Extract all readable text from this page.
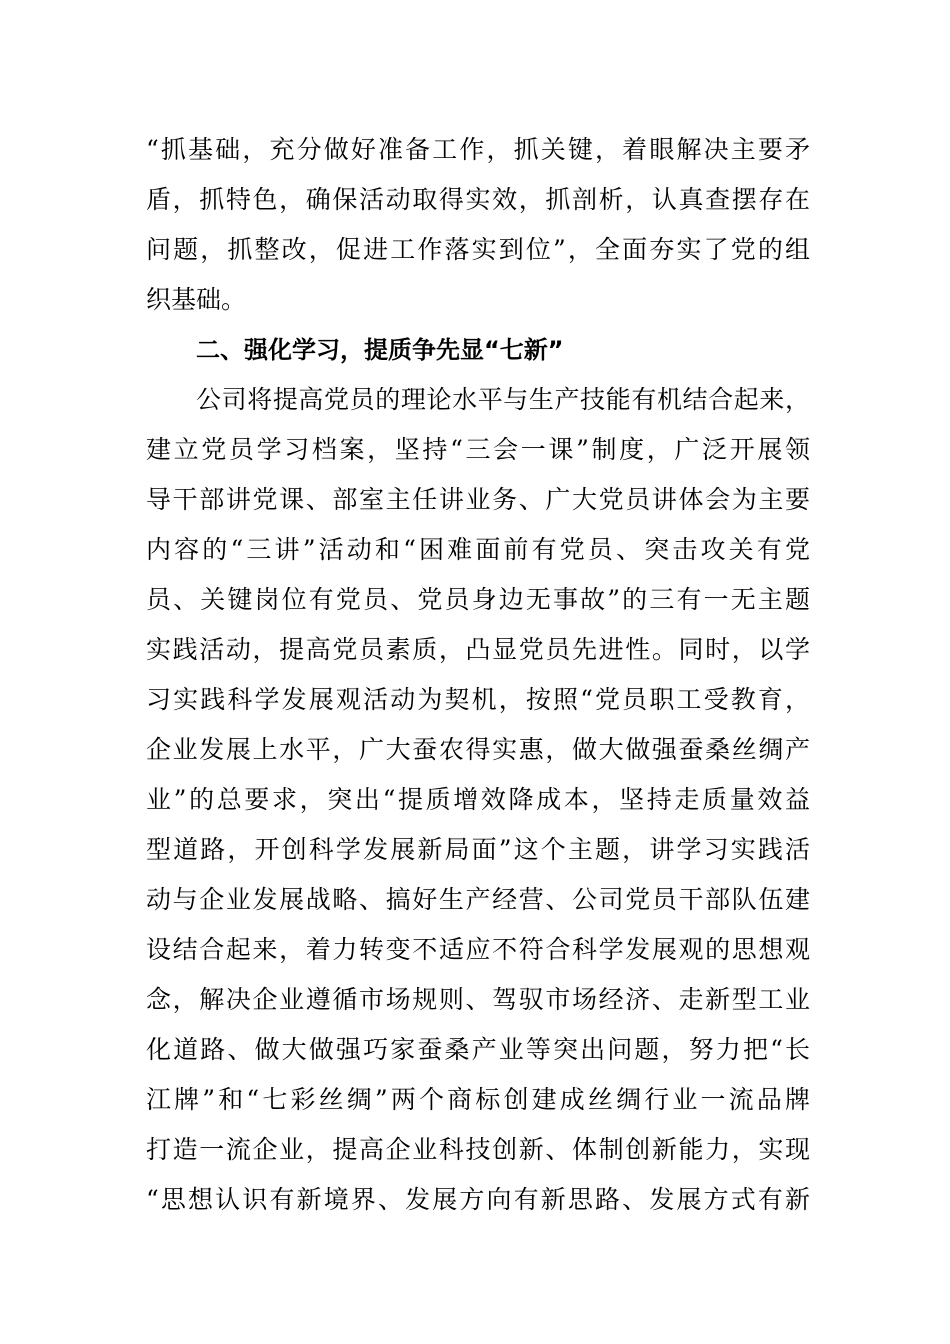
“抓基础，充分做好准备工作，抓关键，着眼解决主要矛
盾，抓特色，确保活动取得实效，抓剖析，认真查摆存在
问题，抓整改，促进工作落实到位”，全面夯实了党的组
织基础。
二、强化学习，提质争先显“七新”
公司将提高党员的理论水平与生产技能有机结合起来，
建立党员学习档案，坚持“三会一课”制度，广泛开展领
导干部讲党课、部室主任讲业务、广大党员讲体会为主要
内容的“三讲”活动和“困难面前有党员、突击攻关有党
员、关键岗位有党员、党员身边无事故”的三有一无主题
实践活动，提高党员素质，凸显党员先进性。同时，以学
习实践科学发展观活动为契机，按照“党员职工受教育，
企业发展上水平，广大蚕农得实惠，做大做强蚕桑丝绸产
业”的总要求，突出“提质增效降成本，坚持走质量效益
型道路，开创科学发展新局面”这个主题，讲学习实践活
动与企业发展战略、搞好生产经营、公司党员干部队伍建
设结合起来，着力转变不适应不符合科学发展观的思想观
念，解决企业遵循市场规则、驾驭市场经济、走新型工业
化道路、做大做强巧家蚕桑产业等突出问题，努力把“长
江牌”和“七彩丝绸”两个商标创建成丝绸行业一流品牌
打造一流企业，提高企业科技创新、体制创新能力，实现
“思想认识有新境界、发展方向有新思路、发展方式有新
